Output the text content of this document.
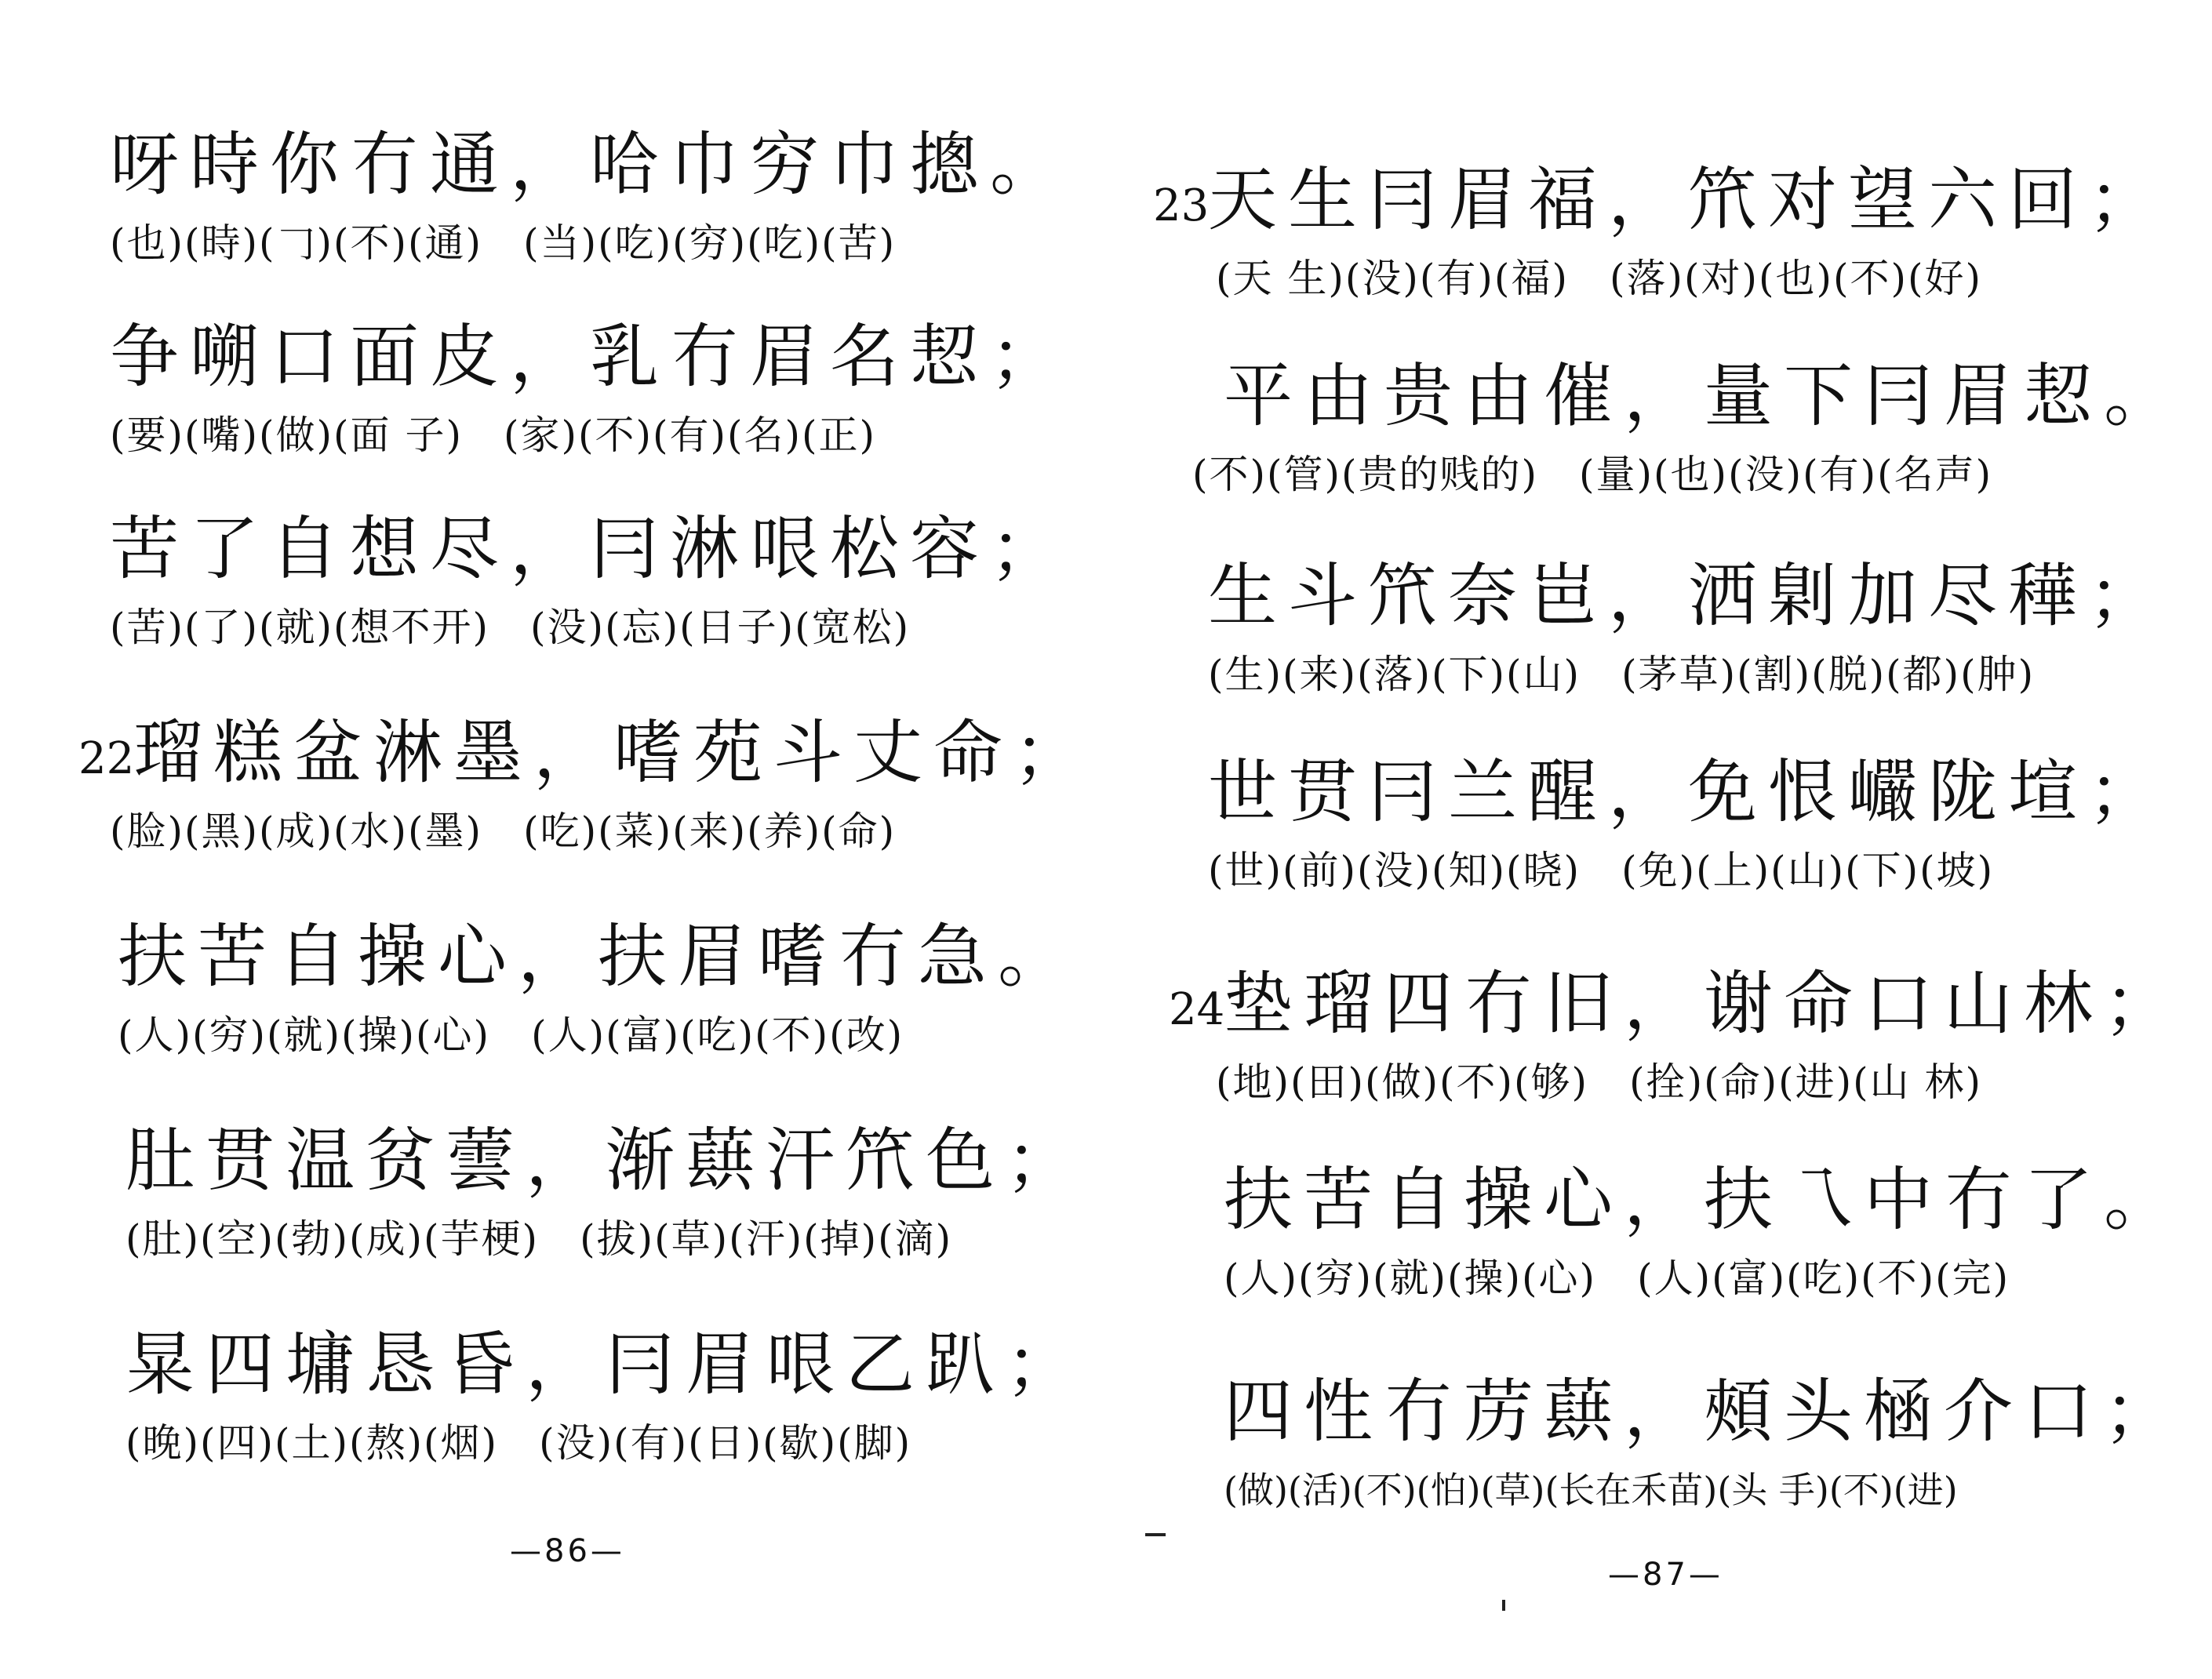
呀時你冇通，哈巾穷巾摠。
(也)(時)(𠃌)(不)(通)　(当)(吃)(穷)(吃)(苦)
争嗍口面皮，乳冇眉名恝；
(要)(嘴)(做)(面 子)　(家)(不)(有)(名)(正)
苦了自想尽，冃淋哏松容；
(苦)(了)(就)(想不开)　(没)(忘)(日子)(宽松)
22
瑠糕盆淋墨，嗜苑斗丈命；
(脸)(黑)(成)(水)(墨)　(吃)(菜)(来)(养)(命)
扶苦自操心，扶眉嗜冇急。
(人)(穷)(就)(操)(心)　(人)(富)(吃)(不)(改)
肚贯温贫蕓，渐蕻汗笊色；
(肚)(空)(勃)(成)(芋梗)　(拔)(草)(汗)(掉)(滴)
㫧四墉恳昏，冃眉哏乙趴；
(晚)(四)(土)(熬)(烟)　(没)(有)(日)(歇)(脚)
—86—
23
天生冃眉福，笊对望六回；
(天 生)(没)(有)(福)　(落)(对)(也)(不)(好)
平由贵由催，量下冃眉恝。
(不)(管)(贵的贱的)　(量)(也)(没)(有)(名声)
生斗笊奈岜，洒㓷加尽䅿；
(生)(来)(落)(下)(山)　(茅草)(割)(脱)(都)(肿)
世贯冃兰醒，免恨巗陇塇；
(世)(前)(没)(知)(晓)　(免)(上)(山)(下)(坡)
24
垫瑠四冇旧，谢命口山林；
(地)(田)(做)(不)(够)　(拴)(命)(进)(山 林)
扶苦自操心，扶乁中冇了。
(人)(穷)(就)(操)(心)　(人)(富)(吃)(不)(完)
四性冇苈蕻，頰头㮀介口；
(做)(活)(不)(怕)(草)(长在禾苗)(头 手)(不)(进)
—87—
